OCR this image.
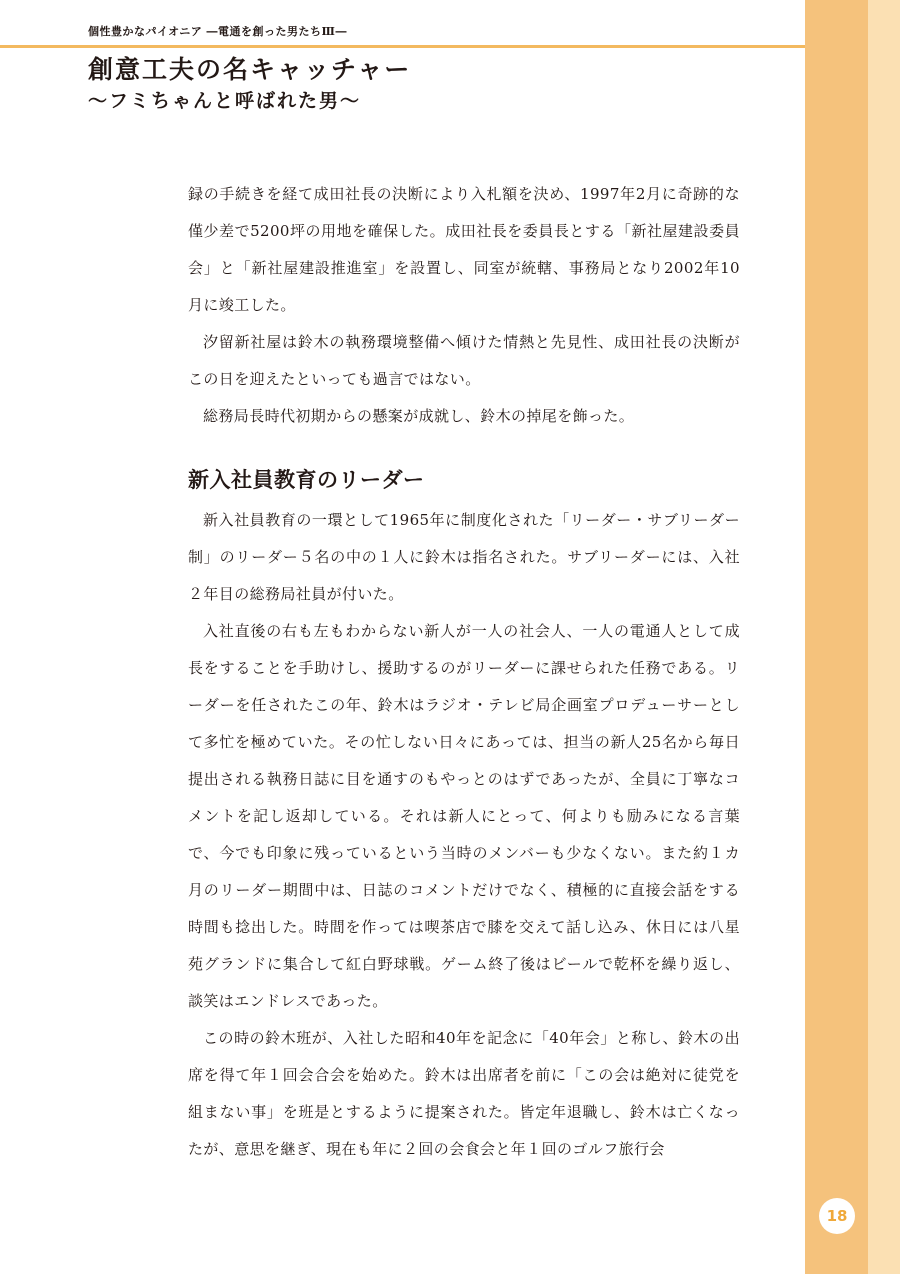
個性豊かなパイオニア ―電通を創った男たちⅢ―
創意工夫の名キャッチャー
〜フミちゃんと呼ばれた男〜

録の手続きを経て成田社長の決断により入札額を決め、1997年2月に奇跡的な僅少差で5200坪の用地を確保した。成田社長を委員長とする「新社屋建設委員会」と「新社屋建設推進室」を設置し、同室が統轄、事務局となり2002年10月に竣工した。

汐留新社屋は鈴木の執務環境整備へ傾けた情熱と先見性、成田社長の決断がこの日を迎えたといっても過言ではない。

総務局長時代初期からの懸案が成就し、鈴木の掉尾を飾った。

新入社員教育のリーダー

新入社員教育の一環として1965年に制度化された「リーダー・サブリーダー制」のリーダー５名の中の１人に鈴木は指名された。サブリーダーには、入社２年目の総務局社員が付いた。

入社直後の右も左もわからない新人が一人の社会人、一人の電通人として成長をすることを手助けし、援助するのがリーダーに課せられた任務である。リーダーを任されたこの年、鈴木はラジオ・テレビ局企画室プロデューサーとして多忙を極めていた。その忙しない日々にあっては、担当の新人25名から毎日提出される執務日誌に目を通すのもやっとのはずであったが、全員に丁寧なコメントを記し返却している。それは新人にとって、何よりも励みになる言葉で、今でも印象に残っているという当時のメンバーも少なくない。また約１カ月のリーダー期間中は、日誌のコメントだけでなく、積極的に直接会話をする時間も捻出した。時間を作っては喫茶店で膝を交えて話し込み、休日には八星苑グランドに集合して紅白野球戦。ゲーム終了後はビールで乾杯を繰り返し、談笑はエンドレスであった。

この時の鈴木班が、入社した昭和40年を記念に「40年会」と称し、鈴木の出席を得て年１回会合会を始めた。鈴木は出席者を前に「この会は絶対に徒党を組まない事」を班是とするように提案された。皆定年退職し、鈴木は亡くなったが、意思を継ぎ、現在も年に２回の会食会と年１回のゴルフ旅行会

18
